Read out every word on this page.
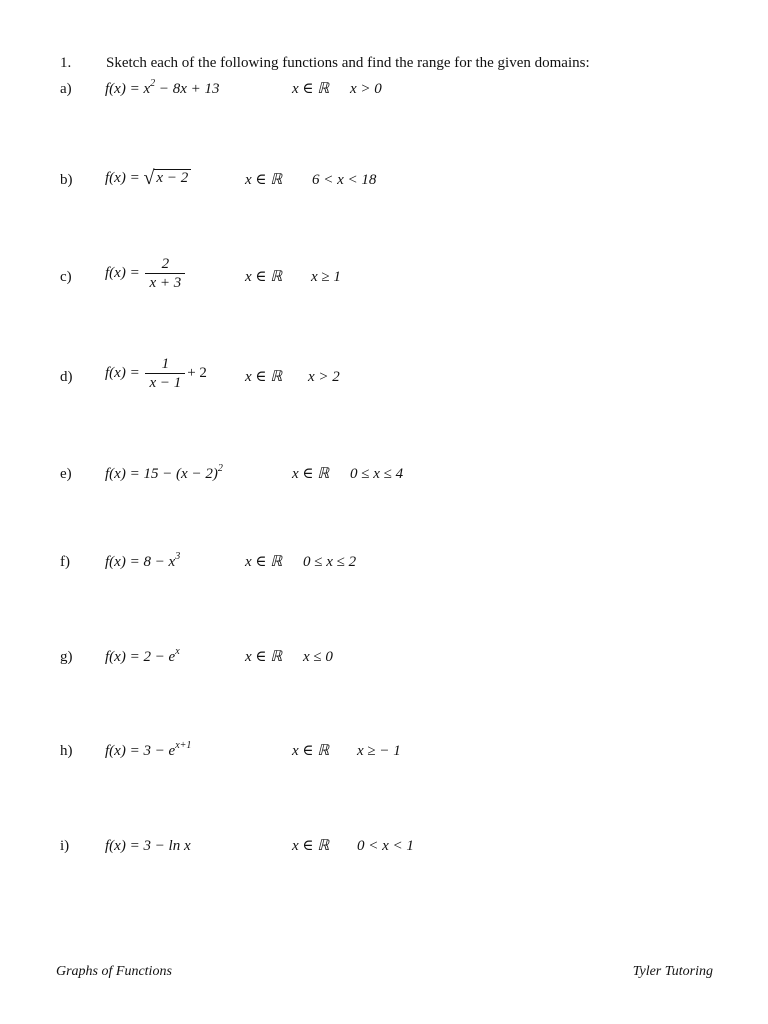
1. Sketch each of the following functions and find the range for the given domains:
a) $f(x) = x^2 - 8x + 13$	x ∈ ℝ x > 0
b) f(x) = √ x − 2	x ∈ ℝ 6 < x < 18
c) $f(x) = \frac{2}{x + 3}$	x ∈ ℝ x ≥ 1
d) $f(x) = \frac{1}{x - 1} + 2$	x ∈ ℝ x > 2
e) $f(x) = 15 - (x - 2)^2$	x ∈ ℝ 0 ≤ x ≤ 4
f) $f(x) = 8 - x^3$	x ∈ ℝ 0 ≤ x ≤ 2
g) $f(x) = 2 - e^x$	x ∈ ℝ x ≤ 0
h) $f(x) = 3 - e^{x+1}$	x ∈ ℝ x ≥ − 1
i) f(x) = 3 − ln x	x ∈ ℝ 0 < x < 1
Graphs of Functions	Tyler Tutoring
